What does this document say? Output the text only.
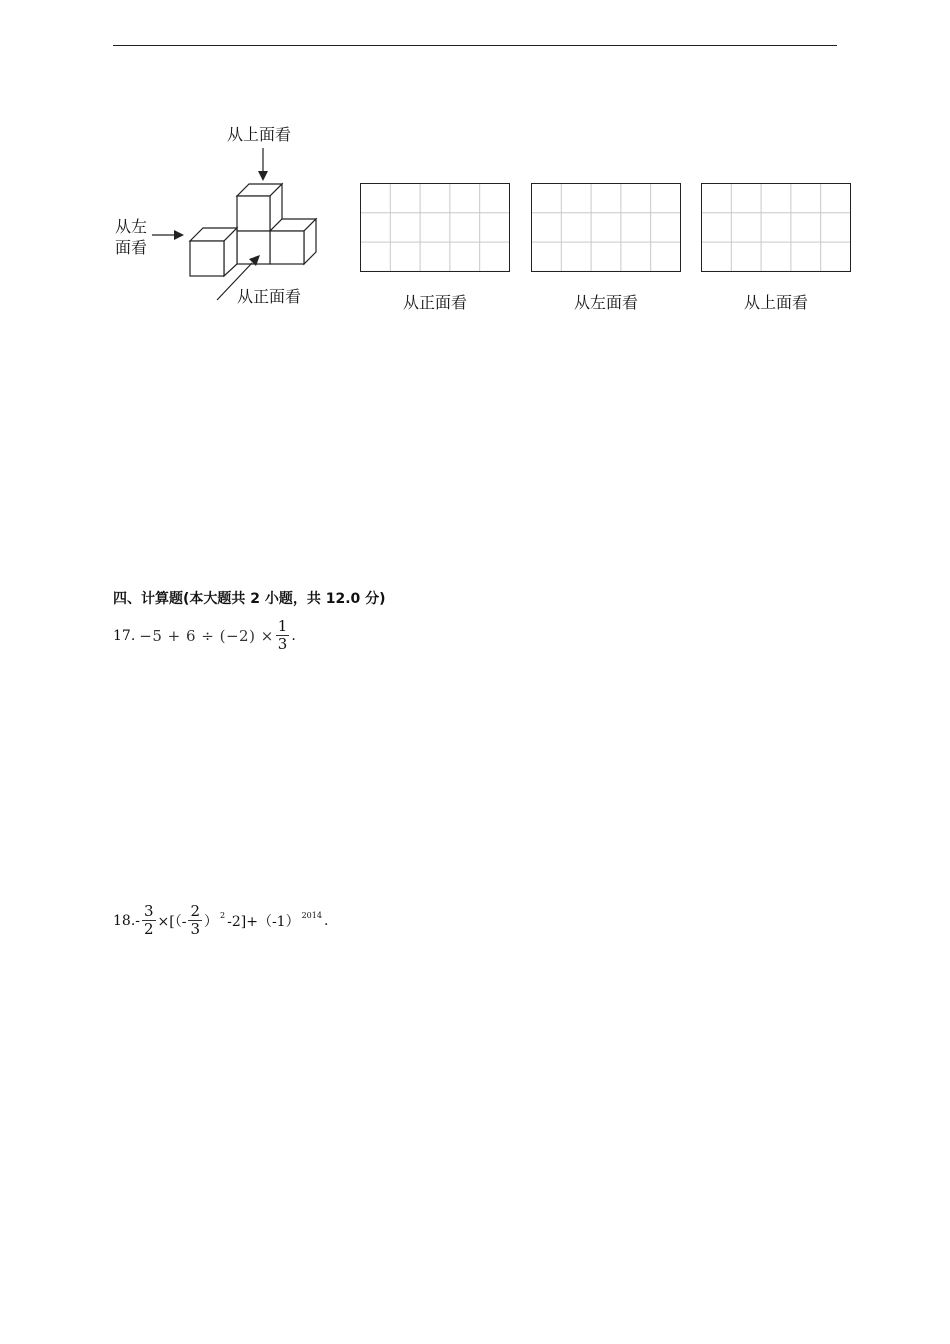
从上面看
从左
面看
从正面看	从正面看	从左面看	从上面看
四、计算题(本大题共 2 小题，共 12.0 分)
17. $-5 + 6 \div (-2) \times \frac{1}{3}$ .
18. - $\frac{3}{2}$ ×[（- $\frac{2}{3}$ ） 2 -2]+（-1） 2014 .
